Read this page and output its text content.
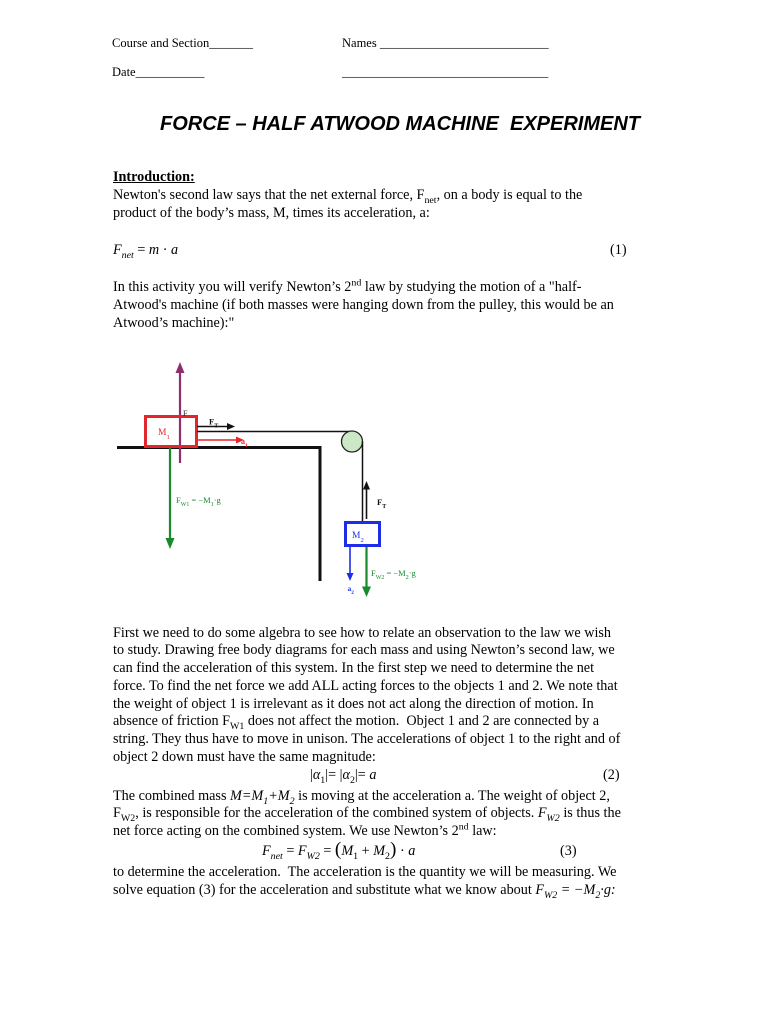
Course and Section_______	Names ___________________________
Date___________	_________________________________
FORCE – HALF ATWOOD MACHINE  EXPERIMENT
Introduction:
Newton's second law says that the net external force, $F_{net}$, on a body is equal to the
product of the body’s mass, M, times its acceleration, a:
$F_{net} = m \cdot a$	(1)
In this activity you will verify Newton’s 2nd law by studying the motion of a "half-
Atwood's machine (if both masses were hanging down from the pulley, this would be an
Atwood’s machine):"
F
$F_T$
$M_1$	$a_1$
$F_{W1} = -M_1\cdot g$	$F_T$
$M_2$
$F_{W2} = -M_2\cdot g$
$a_2$
First we need to do some algebra to see how to relate an observation to the law we wish
to study. Drawing free body diagrams for each mass and using Newton’s second law, we
can find the acceleration of this system. In the first step we need to determine the net
force. To find the net force we add ALL acting forces to the objects 1 and 2. We note that
the weight of object 1 is irrelevant as it does not act along the direction of motion. In
absence of friction $F_{W1}$ does not affect the motion.  Object 1 and 2 are connected by a
string. They thus have to move in unison. The accelerations of object 1 to the right and of
object 2 down must have the same magnitude:
$|\alpha_1|= |\alpha_2|= a$	(2)
The combined mass $M=M_1+M_2$ is moving at the acceleration a. The weight of object 2,
$F_{W2}$, is responsible for the acceleration of the combined system of objects. $F_{W2}$ is thus the
net force acting on the combined system. We use Newton’s 2nd law:
$F_{net} = F_{W2} = (M_1 + M_2) \cdot a$	(3)
to determine the acceleration.  The acceleration is the quantity we will be measuring. We
solve equation (3) for the acceleration and substitute what we know about $F_{W2} = -M_2\cdot g$:
